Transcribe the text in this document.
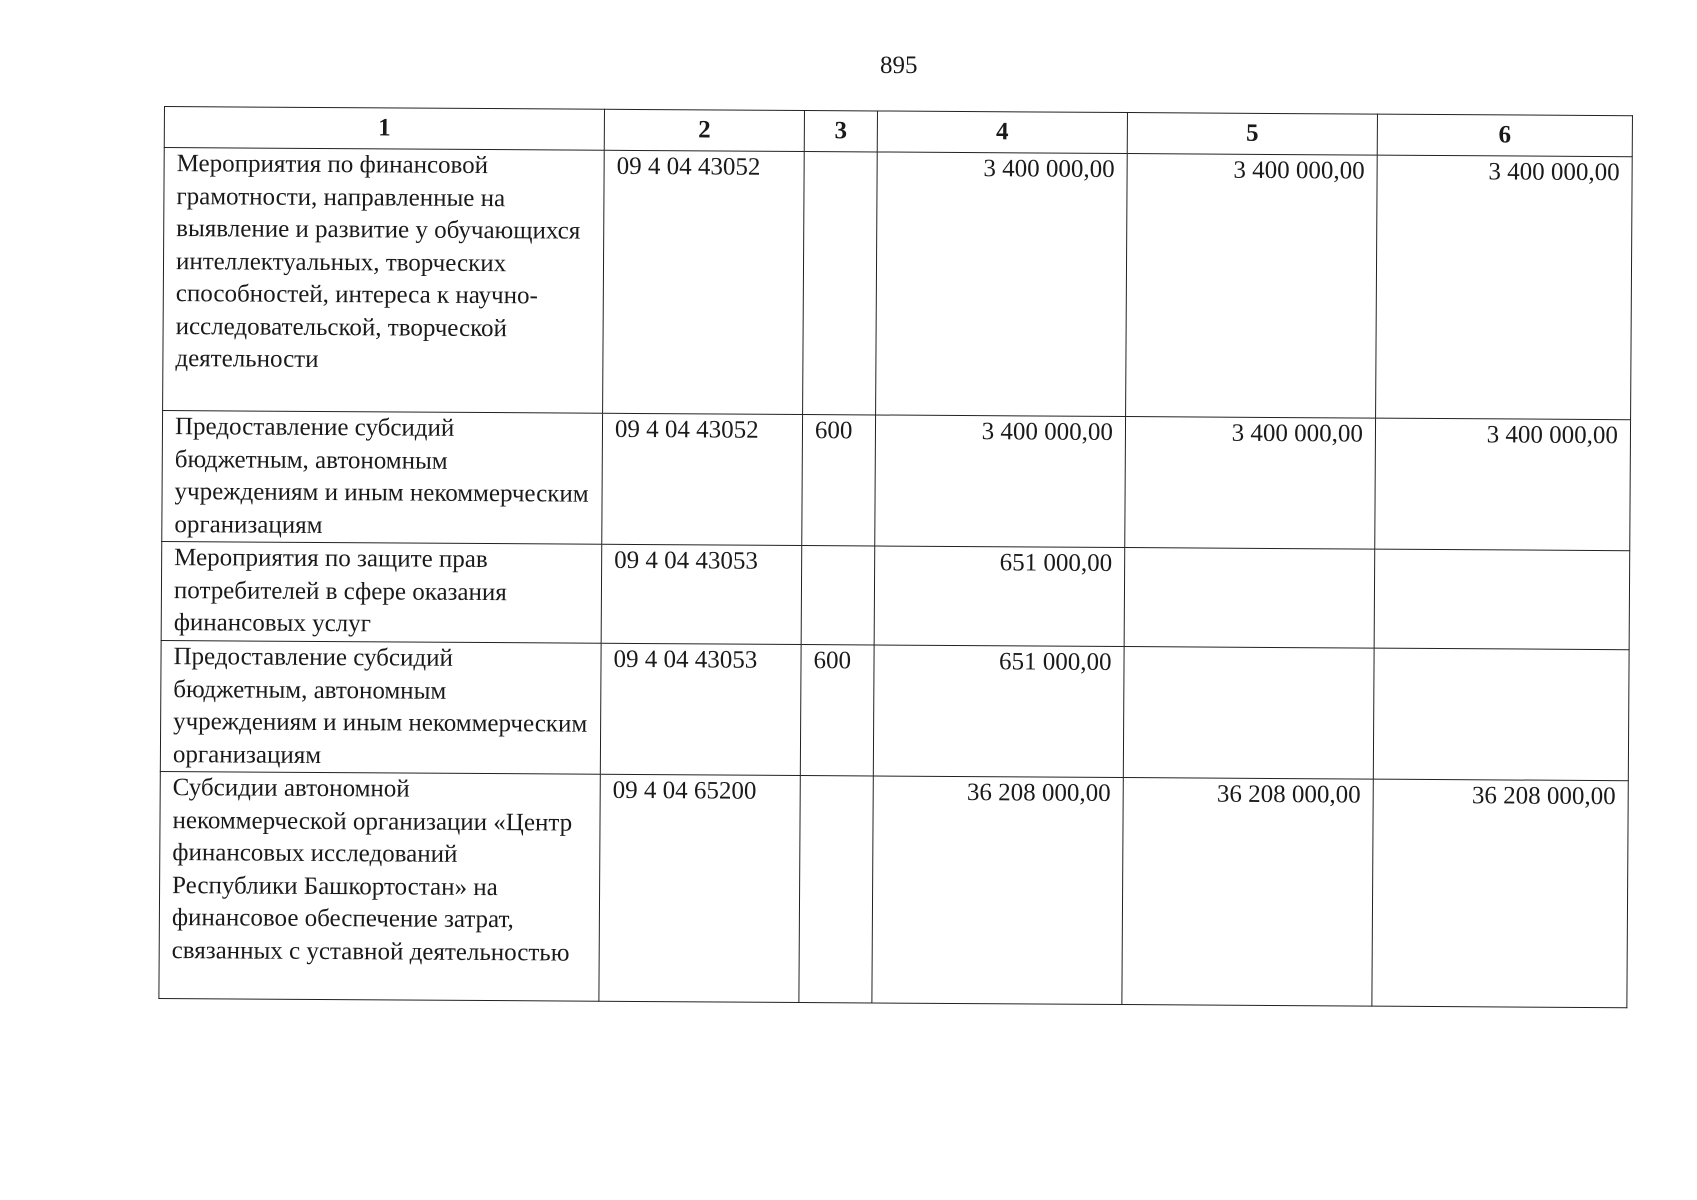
895
1	2	3	4	5	6
Мероприятия по финансовой грамотности, направленные на выявление и развитие у обучающихся интеллектуальных, творческих способностей, интереса к научно-исследовательской, творческой деятельности	09 4 04 43052		3 400 000,00	3 400 000,00	3 400 000,00
Предоставление субсидий бюджетным, автономным учреждениям и иным некоммерческим организациям	09 4 04 43052	600	3 400 000,00	3 400 000,00	3 400 000,00
Мероприятия по защите прав потребителей в сфере оказания финансовых услуг	09 4 04 43053		651 000,00		
Предоставление субсидий бюджетным, автономным учреждениям и иным некоммерческим организациям	09 4 04 43053	600	651 000,00		
Субсидии автономной некоммерческой организации «Центр финансовых исследований Республики Башкортостан» на финансовое обеспечение затрат, связанных с уставной деятельностью	09 4 04 65200		36 208 000,00	36 208 000,00	36 208 000,00
